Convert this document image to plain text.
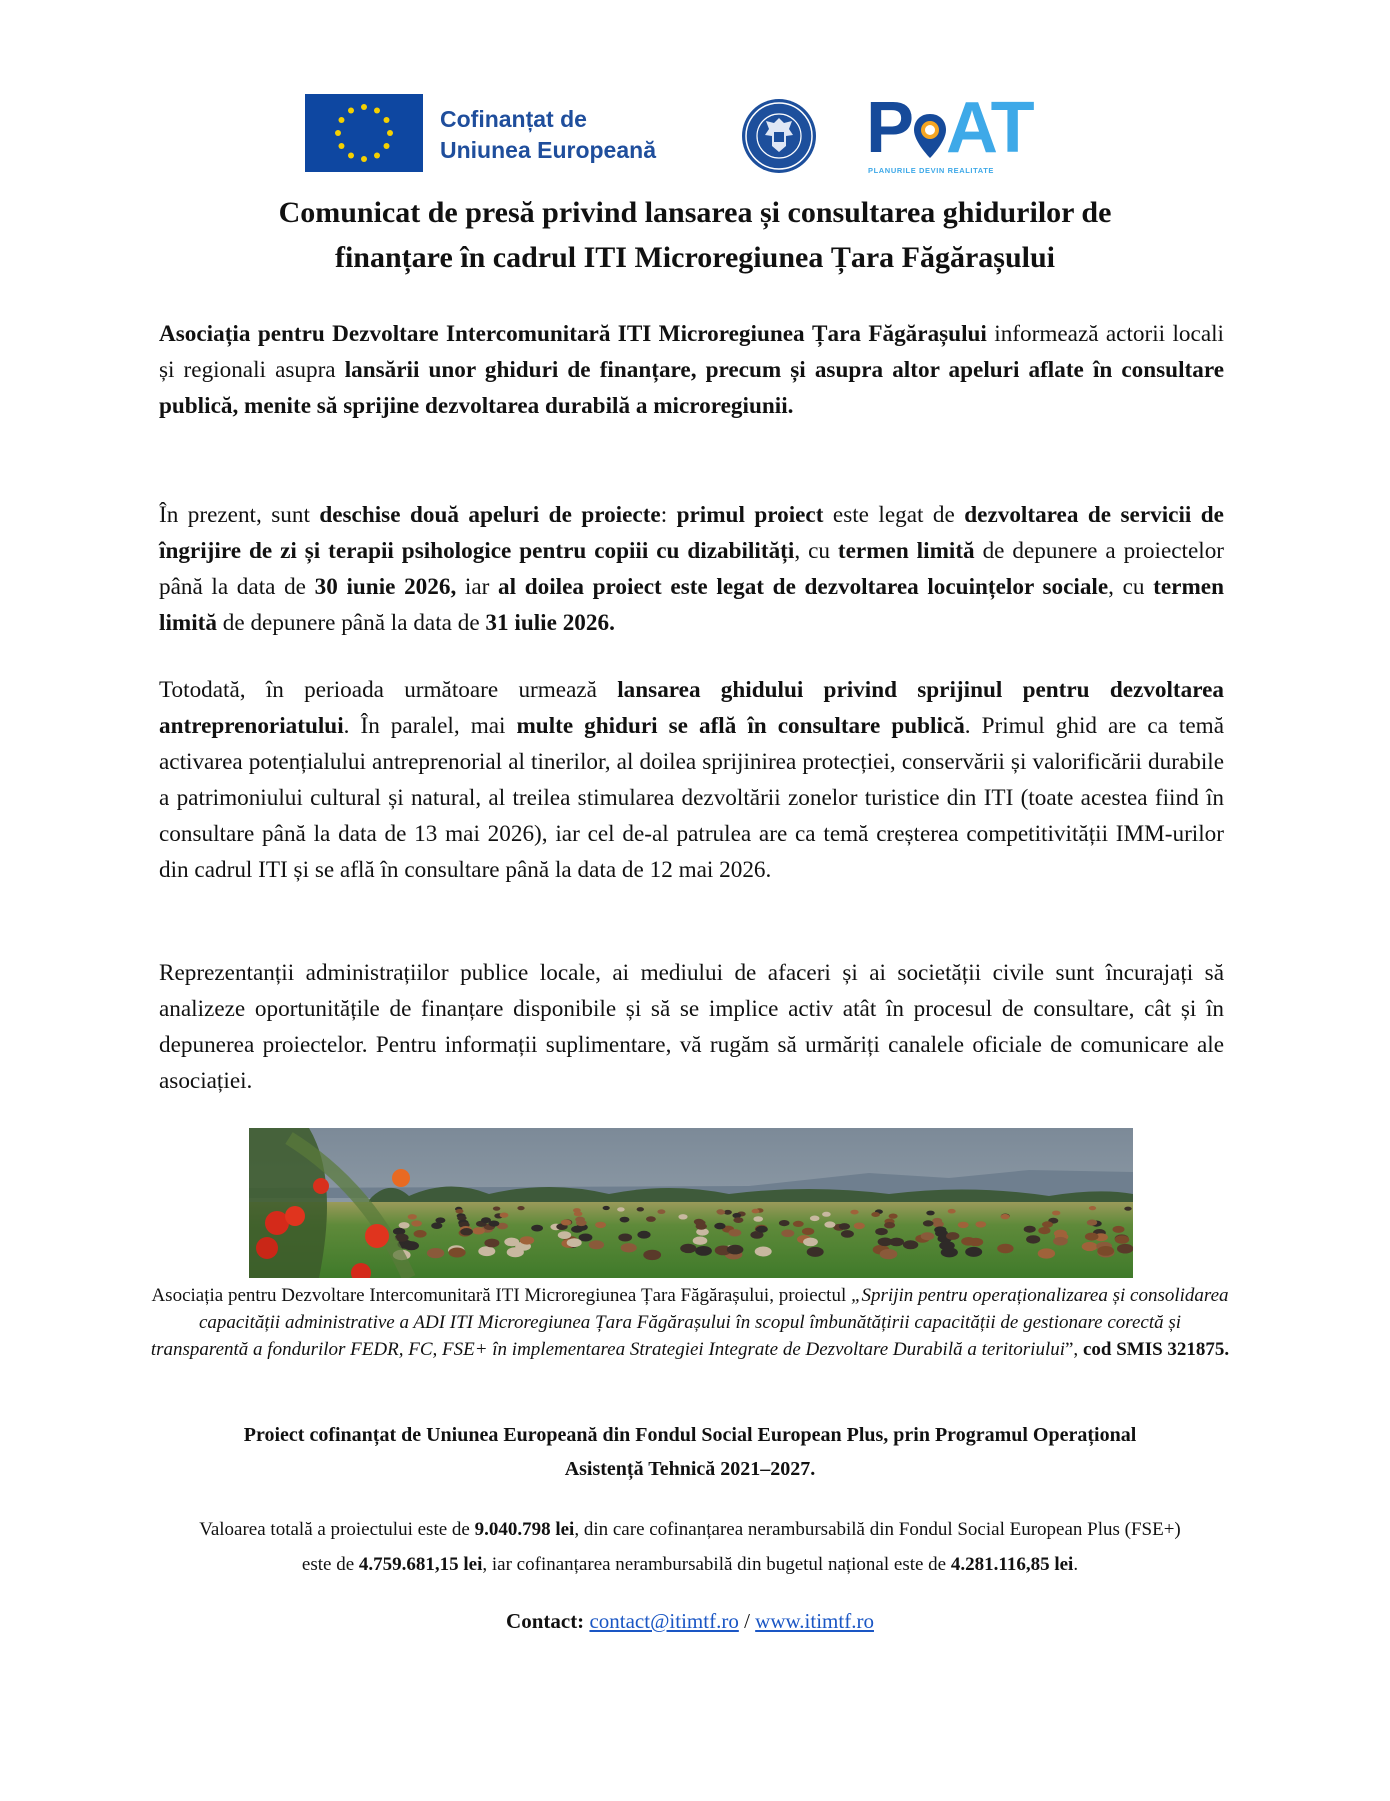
Cofinanțat de
Uniunea Europeană	P AT
PLANURILE DEVIN REALITATE
Comunicat de presă privind lansarea și consultarea ghidurilor de
finanțare în cadrul ITI Microregiunea Țara Făgărașului
Asociația pentru Dezvoltare Intercomunitară ITI Microregiunea Țara Făgărașului informează actorii locali și regionali asupra lansării unor ghiduri de finanțare, precum și asupra altor apeluri aflate în consultare publică, menite să sprijine dezvoltarea durabilă a microregiunii.
În prezent, sunt deschise două apeluri de proiecte: primul proiect este legat de dezvoltarea de servicii de îngrijire de zi și terapii psihologice pentru copiii cu dizabilități, cu termen limită de depunere a proiectelor până la data de 30 iunie 2026, iar al doilea proiect este legat de dezvoltarea locuințelor sociale, cu termen limită de depunere până la data de 31 iulie 2026.
Totodată, în perioada următoare urmează lansarea ghidului privind sprijinul pentru dezvoltarea antreprenoriatului. În paralel, mai multe ghiduri se află în consultare publică. Primul ghid are ca temă activarea potențialului antreprenorial al tinerilor, al doilea sprijinirea protecției, conservării și valorificării durabile a patrimoniului cultural și natural, al treilea stimularea dezvoltării zonelor turistice din ITI (toate acestea fiind în consultare până la data de 13 mai 2026), iar cel de-al patrulea are ca temă creșterea competitivității IMM-urilor din cadrul ITI și se află în consultare până la data de 12 mai 2026.
Reprezentanții administrațiilor publice locale, ai mediului de afaceri și ai societății civile sunt încurajați să analizeze oportunitățile de finanțare disponibile și să se implice activ atât în procesul de consultare, cât și în depunerea proiectelor. Pentru informații suplimentare, vă rugăm să urmăriți canalele oficiale de comunicare ale asociației.
Asociația pentru Dezvoltare Intercomunitară ITI Microregiunea Țara Făgărașului, proiectul „Sprijin pentru operaționalizarea și consolidarea capacității administrative a ADI ITI Microregiunea Țara Făgărașului în scopul îmbunătățirii capacității de gestionare corectă și transparentă a fondurilor FEDR, FC, FSE+ în implementarea Strategiei Integrate de Dezvoltare Durabilă a teritoriului”, cod SMIS 321875.
Proiect cofinanțat de Uniunea Europeană din Fondul Social European Plus, prin Programul Operațional
Asistență Tehnică 2021–2027.
Valoarea totală a proiectului este de 9.040.798 lei, din care cofinanțarea nerambursabilă din Fondul Social European Plus (FSE+)
este de 4.759.681,15 lei, iar cofinanțarea nerambursabilă din bugetul național este de 4.281.116,85 lei.
Contact: contact@itimtf.ro / www.itimtf.ro
